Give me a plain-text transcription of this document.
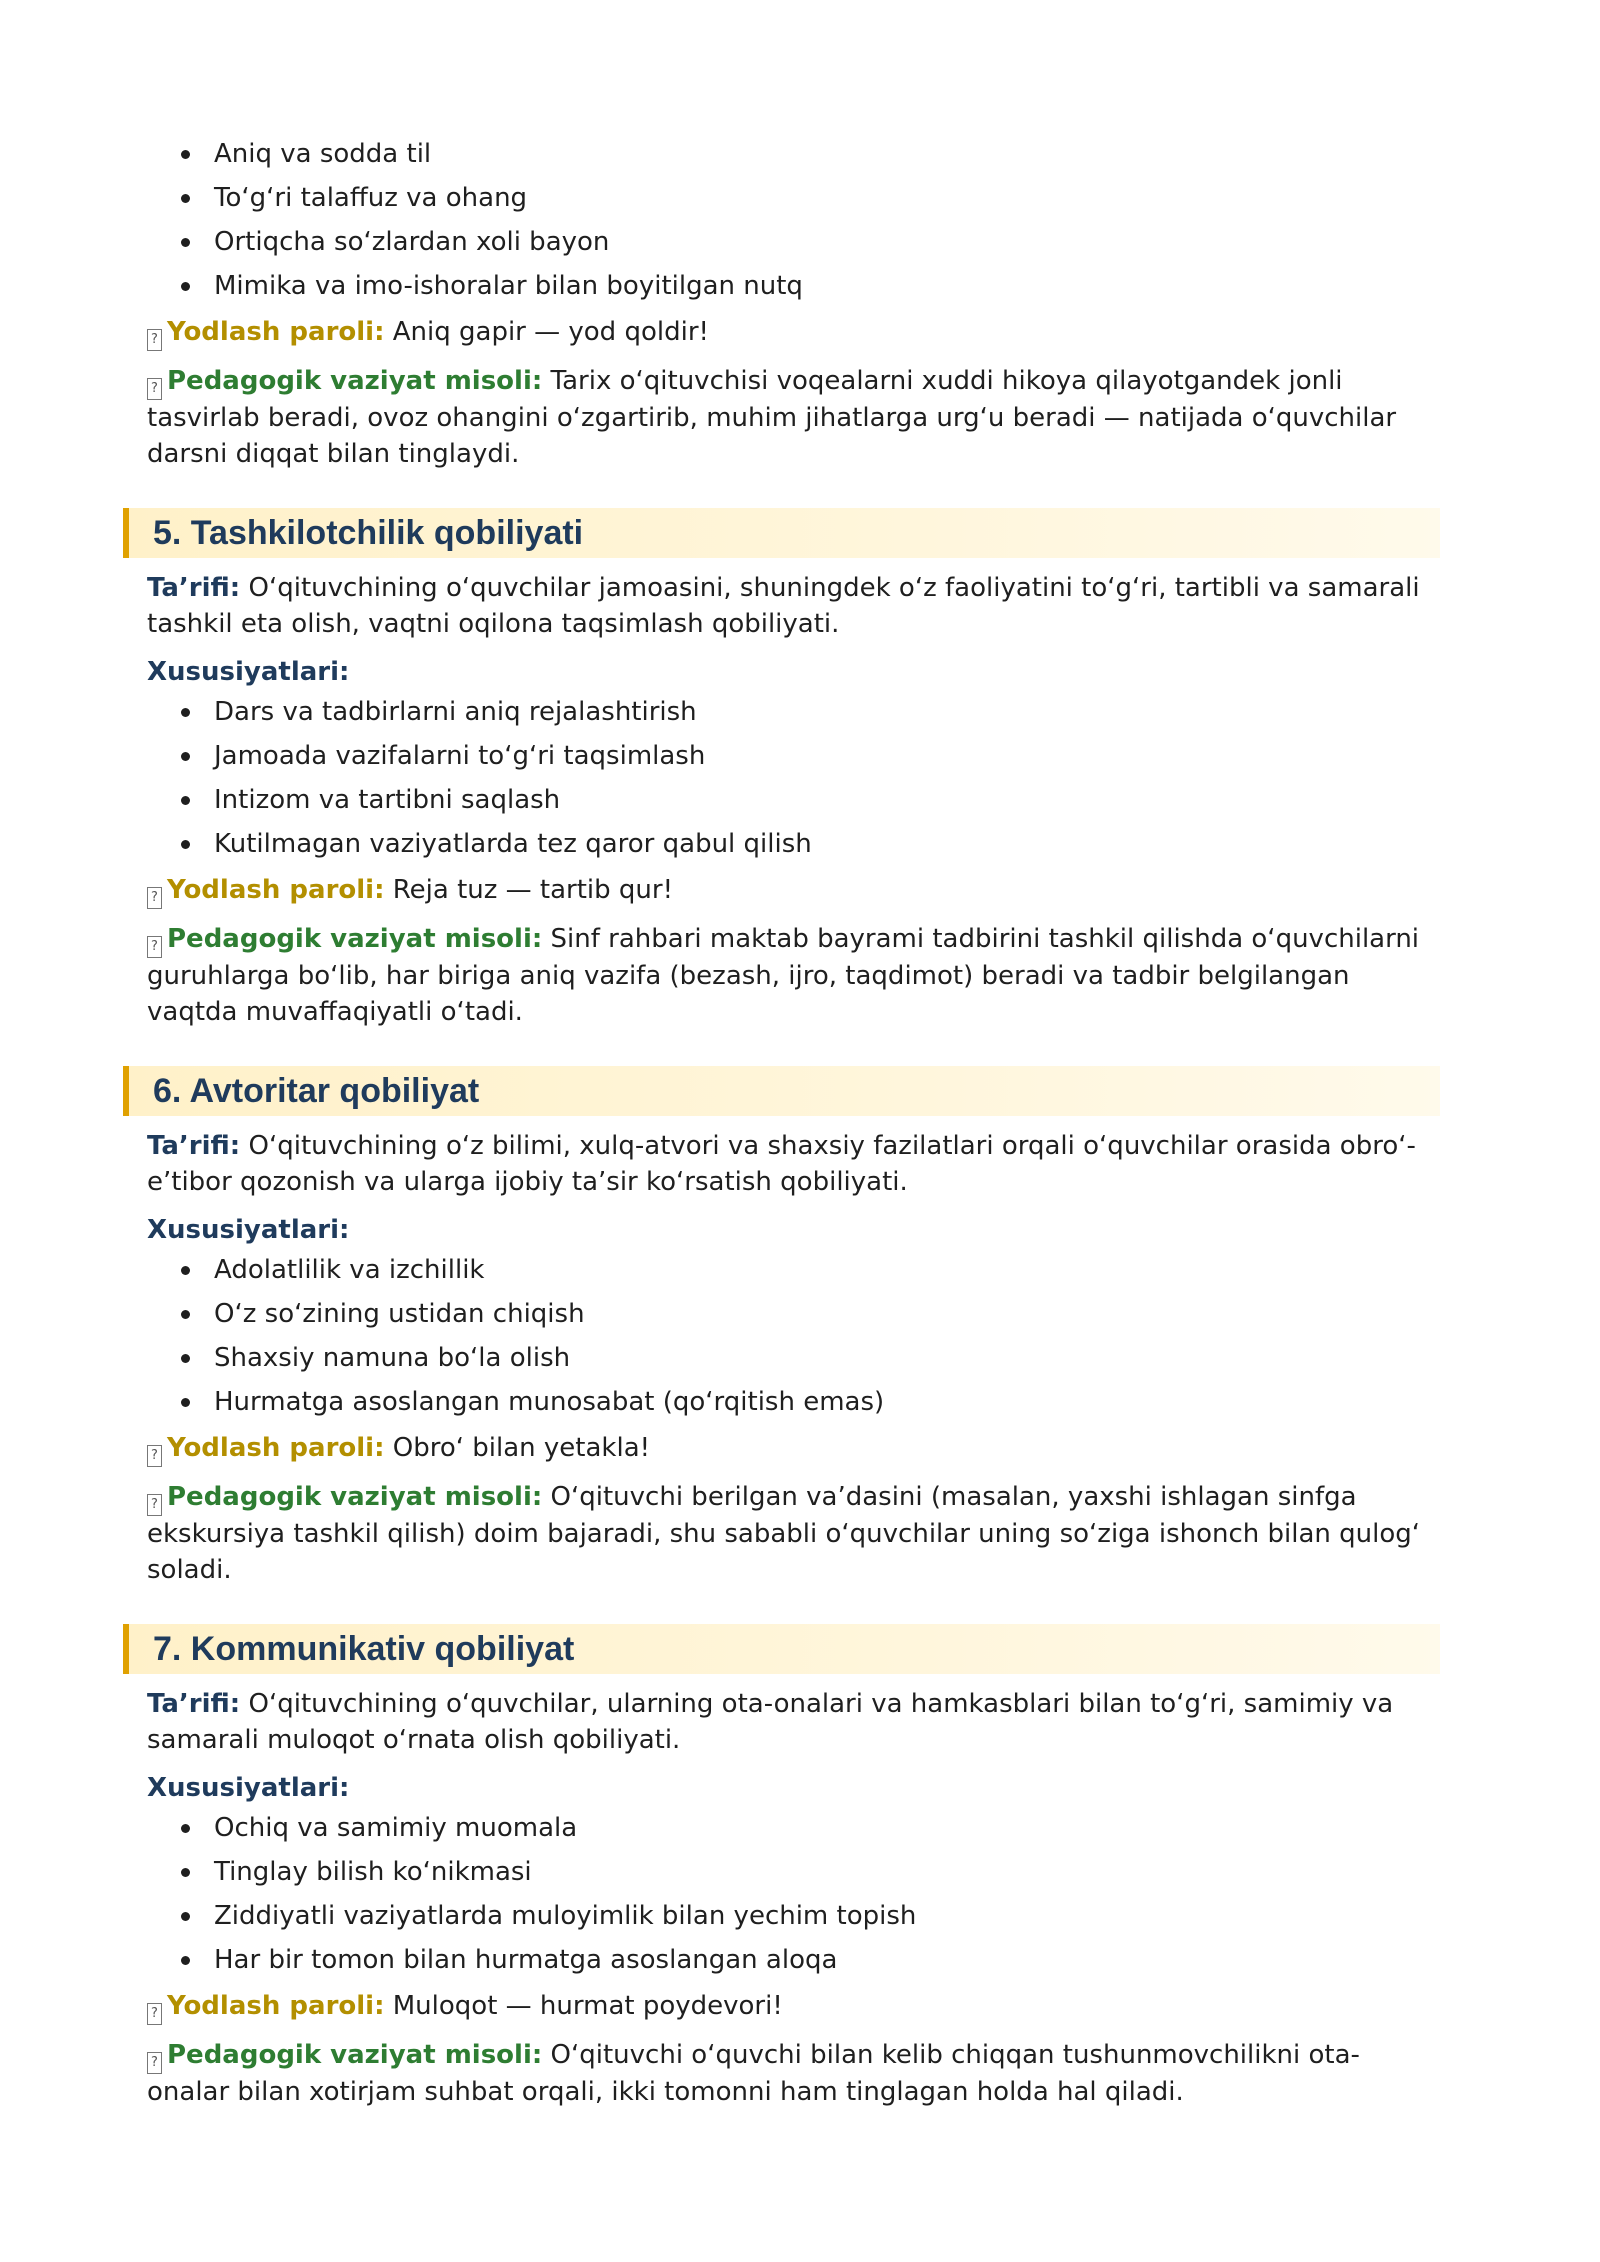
Aniq va sodda til
To‘g‘ri talaffuz va ohang
Ortiqcha so‘zlardan xoli bayon
Mimika va imo-ishoralar bilan boyitilgan nutq

? Yodlash paroli: Aniq gapir — yod qoldir!

? Pedagogik vaziyat misoli: Tarix o‘qituvchisi voqealarni xuddi hikoya qilayotgandek jonli tasvirlab beradi, ovoz ohangini o‘zgartirib, muhim jihatlarga urg‘u beradi — natijada o‘quvchilar darsni diqqat bilan tinglaydi.

5. Tashkilotchilik qobiliyati

Ta’rifi: O‘qituvchining o‘quvchilar jamoasini, shuningdek o‘z faoliyatini to‘g‘ri, tartibli va samarali tashkil eta olish, vaqtni oqilona taqsimlash qobiliyati.

Xususiyatlari:

Dars va tadbirlarni aniq rejalashtirish
Jamoada vazifalarni to‘g‘ri taqsimlash
Intizom va tartibni saqlash
Kutilmagan vaziyatlarda tez qaror qabul qilish

? Yodlash paroli: Reja tuz — tartib qur!

? Pedagogik vaziyat misoli: Sinf rahbari maktab bayrami tadbirini tashkil qilishda o‘quvchilarni guruhlarga bo‘lib, har biriga aniq vazifa (bezash, ijro, taqdimot) beradi va tadbir belgilangan vaqtda muvaffaqiyatli o‘tadi.

6. Avtoritar qobiliyat

Ta’rifi: O‘qituvchining o‘z bilimi, xulq-atvori va shaxsiy fazilatlari orqali o‘quvchilar orasida obro‘-e’tibor qozonish va ularga ijobiy ta’sir ko‘rsatish qobiliyati.

Xususiyatlari:

Adolatlilik va izchillik
O‘z so‘zining ustidan chiqish
Shaxsiy namuna bo‘la olish
Hurmatga asoslangan munosabat (qo‘rqitish emas)

? Yodlash paroli: Obro‘ bilan yetakla!

? Pedagogik vaziyat misoli: O‘qituvchi berilgan va’dasini (masalan, yaxshi ishlagan sinfga ekskursiya tashkil qilish) doim bajaradi, shu sababli o‘quvchilar uning so‘ziga ishonch bilan qulog‘ soladi.

7. Kommunikativ qobiliyat

Ta’rifi: O‘qituvchining o‘quvchilar, ularning ota-onalari va hamkasblari bilan to‘g‘ri, samimiy va samarali muloqot o‘rnata olish qobiliyati.

Xususiyatlari:

Ochiq va samimiy muomala
Tinglay bilish ko‘nikmasi
Ziddiyatli vaziyatlarda muloyimlik bilan yechim topish
Har bir tomon bilan hurmatga asoslangan aloqa

? Yodlash paroli: Muloqot — hurmat poydevori!

? Pedagogik vaziyat misoli: O‘qituvchi o‘quvchi bilan kelib chiqqan tushunmovchilikni ota-onalar bilan xotirjam suhbat orqali, ikki tomonni ham tinglagan holda hal qiladi.
